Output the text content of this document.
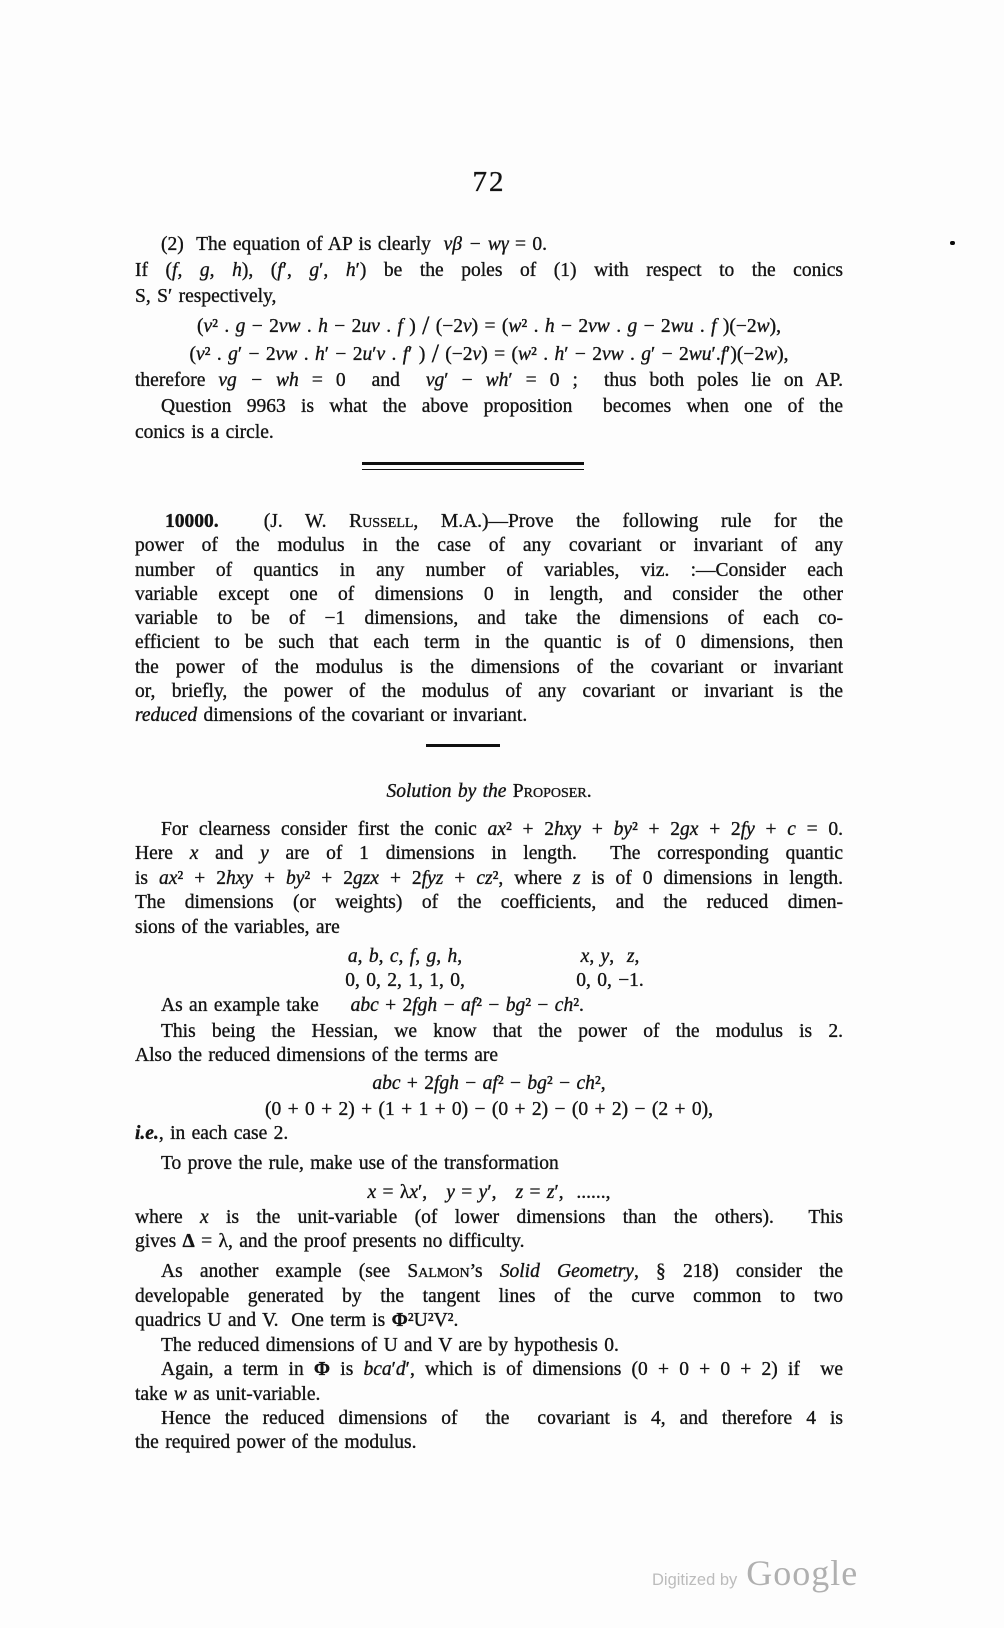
72
(2)  The equation of AP is clearly  vβ − wγ = 0.
If (f, g, h), (f′, g′, h′) be the poles of (1) with respect to the conics
S, S′ respectively,
(v² . g − 2vw . h − 2uv . f ) / (−2v) = (w² . h − 2vw . g − 2wu . f )(−2w),
(v² . g′ − 2vw . h′ − 2u′v . f′ ) / (−2v) = (w² . h′ − 2vw . g′ − 2wu′.f′)(−2w),
therefore vg − wh = 0  and  vg′ − wh′ = 0 ;  thus both poles lie on AP.
Question 9963 is what the above proposition  becomes when one of the
conics is a circle.
10000.  (J. W. Russell, M.A.)—Prove the following rule for the
power of the modulus in the case of any covariant or invariant of any
number of quantics in any number of variables, viz. :—Consider each
variable except one of dimensions 0 in length, and consider the other
variable to be of −1 dimensions, and take the dimensions of each co-
efficient to be such that each term in the quantic is of 0 dimensions, then
the power of the modulus is the dimensions of the covariant or invariant
or, briefly, the power of the modulus of any covariant or invariant is the
reduced dimensions of the covariant or invariant.
Solution by the Proposer.
For clearness consider first the conic ax² + 2hxy + by² + 2gx + 2fy + c = 0.
Here x and y are of 1 dimensions in length.  The corresponding quantic
is ax² + 2hxy + by² + 2gzx + 2fyz + cz², where z is of 0 dimensions in length.
The dimensions (or weights) of the coefficients, and the reduced dimen-
sions of the variables, are
a, b, c, f, g, h,	x, y,  z,
0, 0, 2, 1, 1, 0,	0, 0, −1.
As an example take     abc + 2fgh − af² − bg² − ch².
This being the Hessian, we know that the power of the modulus is 2.
Also the reduced dimensions of the terms are
abc + 2fgh − af² − bg² − ch²,
(0 + 0 + 2) + (1 + 1 + 0) − (0 + 2) − (0 + 2) − (2 + 0),
i.e., in each case 2.
To prove the rule, make use of the transformation
x = λx′,   y = y′,   z = z′,  ......,
where x is the unit-variable (of lower dimensions than the others).  This
gives Δ = λ, and the proof presents no difficulty.
As another example (see Salmon’s Solid Geometry, § 218) consider the
developable generated by the tangent lines of the curve common to two
quadrics U and V.  One term is Φ²U²V².
The reduced dimensions of U and V are by hypothesis 0.
Again, a term in Φ is bca′d′, which is of dimensions (0 + 0 + 0 + 2) if  we
take w as unit-variable.
Hence the reduced dimensions of  the  covariant is 4, and therefore 4 is
the required power of the modulus.
Digitized by Google
